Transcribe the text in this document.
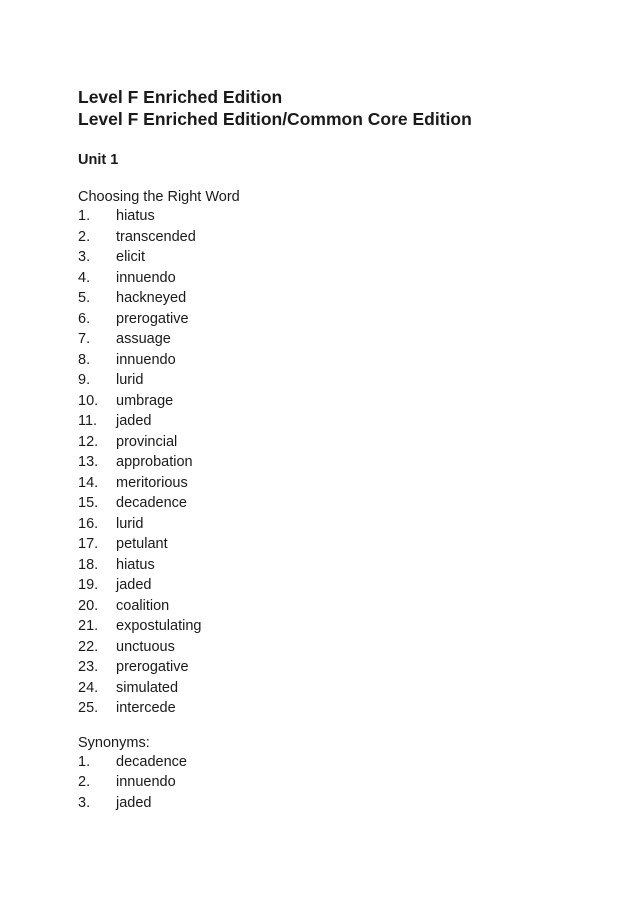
Level F Enriched Edition
Level F Enriched Edition/Common Core Edition
Unit 1
Choosing the Right Word
1.	hiatus
2.	transcended
3.	elicit
4.	innuendo
5.	hackneyed
6.	prerogative
7.	assuage
8.	innuendo
9.	lurid
10.	umbrage
11.	jaded
12.	provincial
13.	approbation
14.	meritorious
15.	decadence
16.	lurid
17.	petulant
18.	hiatus
19.	jaded
20.	coalition
21.	expostulating
22.	unctuous
23.	prerogative
24.	simulated
25.	intercede
Synonyms:
1.	decadence
2.	innuendo
3.	jaded
